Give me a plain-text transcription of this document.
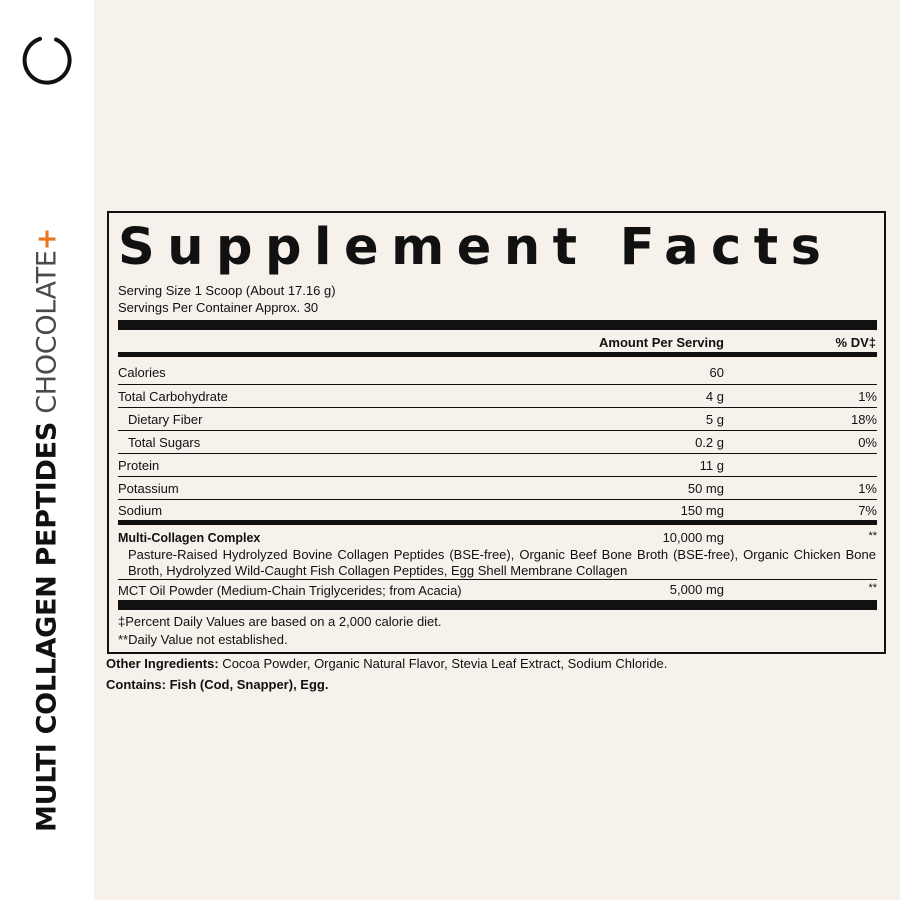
MULTI COLLAGEN PEPTIDES CHOCOLATE+ Supplement Facts
Serving Size 1 Scoop (About 17.16 g)
Servings Per Container Approx. 30
Amount Per Serving	% DV‡
Calories	60
Total Carbohydrate	4 g	1%
Dietary Fiber	5 g	18%
Total Sugars	0.2 g	0%
Protein	11 g
Potassium	50 mg	1%
Sodium	150 mg	7%
Multi-Collagen Complex	10,000 mg	**
Pasture-Raised Hydrolyzed Bovine Collagen Peptides (BSE-free), Organic Beef Bone Broth (BSE-free), Organic Chicken Bone Broth, Hydrolyzed Wild-Caught Fish Collagen Peptides, Egg Shell Membrane Collagen
MCT Oil Powder (Medium-Chain Triglycerides; from Acacia)	5,000 mg	**
‡Percent Daily Values are based on a 2,000 calorie diet.
**Daily Value not established.
Other Ingredients: Cocoa Powder, Organic Natural Flavor, Stevia Leaf Extract, Sodium Chloride.
Contains: Fish (Cod, Snapper), Egg.
